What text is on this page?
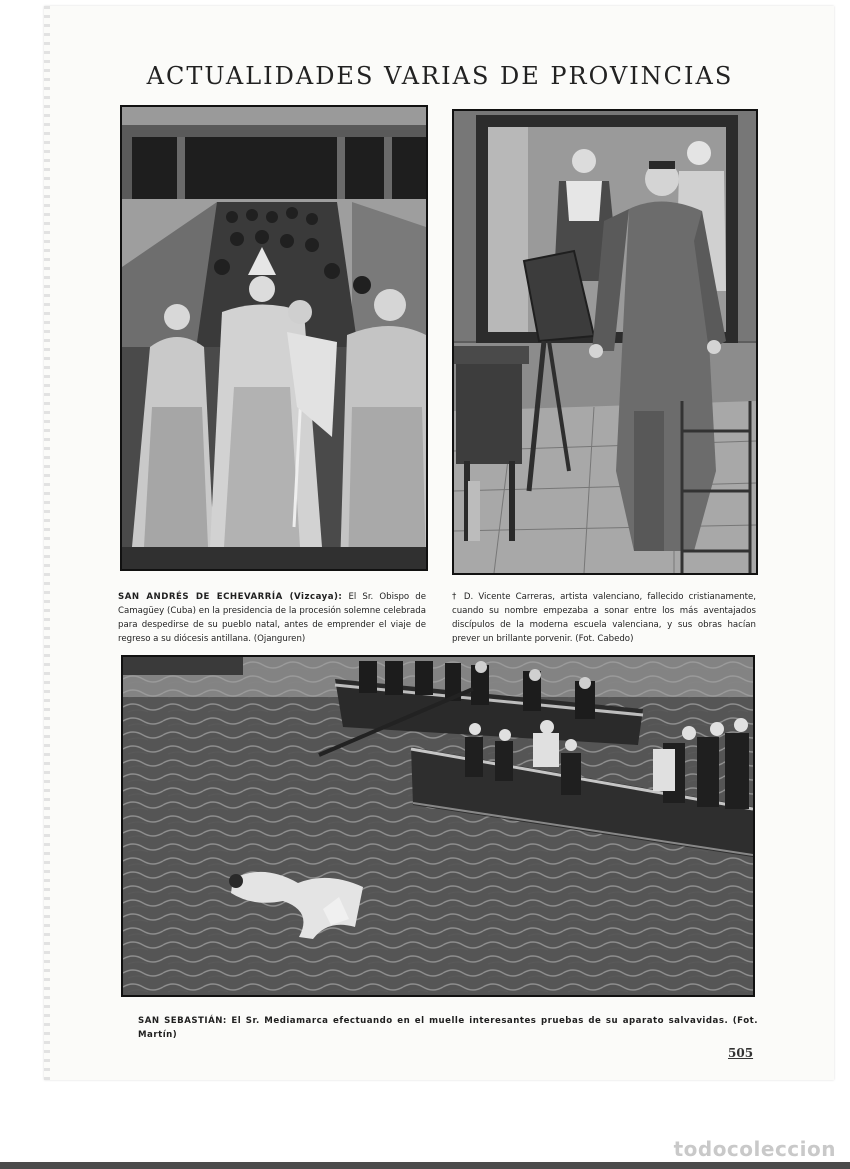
ACTUALIDADES VARIAS DE PROVINCIAS
SAN ANDRÉS DE ECHEVARRÍA (Vizcaya): El Sr. Obispo de Camagüey (Cuba) en la presidencia de la procesión solemne celebrada para despedirse de su pueblo natal, antes de emprender el viaje de regreso a su diócesis antillana. (Ojanguren)
† D. Vicente Carreras, artista valenciano, fallecido cristianamente, cuando su nombre empezaba a sonar entre los más aventajados discípulos de la moderna escuela valenciana, y sus obras hacían prever un brillante porvenir. (Fot. Cabedo)
SAN SEBASTIÁN: El Sr. Mediamarca efectuando en el muelle interesantes pruebas de su aparato salvavidas. (Fot. Martín)
505
todocoleccion
